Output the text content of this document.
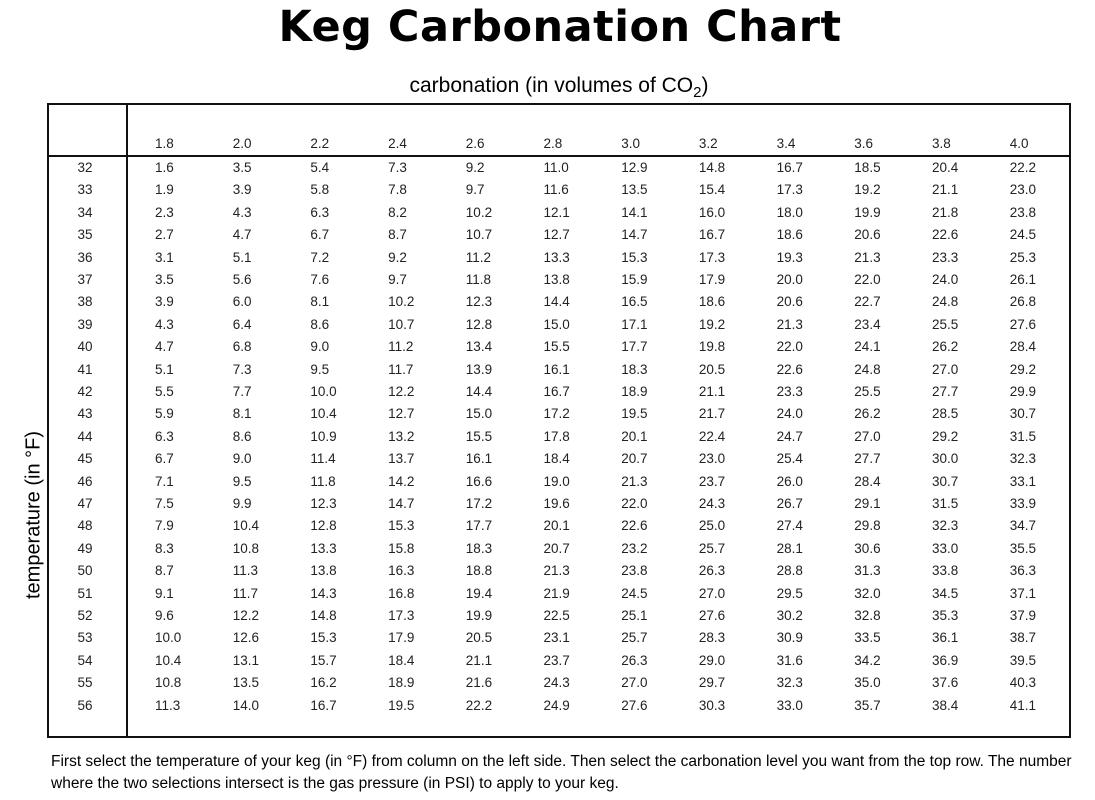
Keg Carbonation Chart
carbonation (in volumes of $CO_2$)
temperature (in °F)
1.8	2.0	2.2	2.4	2.6	2.8	3.0	3.2	3.4	3.6	3.8	4.0
32	1.6	3.5	5.4	7.3	9.2	11.0	12.9	14.8	16.7	18.5	20.4	22.2
33	1.9	3.9	5.8	7.8	9.7	11.6	13.5	15.4	17.3	19.2	21.1	23.0
34	2.3	4.3	6.3	8.2	10.2	12.1	14.1	16.0	18.0	19.9	21.8	23.8
35	2.7	4.7	6.7	8.7	10.7	12.7	14.7	16.7	18.6	20.6	22.6	24.5
36	3.1	5.1	7.2	9.2	11.2	13.3	15.3	17.3	19.3	21.3	23.3	25.3
37	3.5	5.6	7.6	9.7	11.8	13.8	15.9	17.9	20.0	22.0	24.0	26.1
38	3.9	6.0	8.1	10.2	12.3	14.4	16.5	18.6	20.6	22.7	24.8	26.8
39	4.3	6.4	8.6	10.7	12.8	15.0	17.1	19.2	21.3	23.4	25.5	27.6
40	4.7	6.8	9.0	11.2	13.4	15.5	17.7	19.8	22.0	24.1	26.2	28.4
41	5.1	7.3	9.5	11.7	13.9	16.1	18.3	20.5	22.6	24.8	27.0	29.2
42	5.5	7.7	10.0	12.2	14.4	16.7	18.9	21.1	23.3	25.5	27.7	29.9
43	5.9	8.1	10.4	12.7	15.0	17.2	19.5	21.7	24.0	26.2	28.5	30.7
44	6.3	8.6	10.9	13.2	15.5	17.8	20.1	22.4	24.7	27.0	29.2	31.5
45	6.7	9.0	11.4	13.7	16.1	18.4	20.7	23.0	25.4	27.7	30.0	32.3
46	7.1	9.5	11.8	14.2	16.6	19.0	21.3	23.7	26.0	28.4	30.7	33.1
47	7.5	9.9	12.3	14.7	17.2	19.6	22.0	24.3	26.7	29.1	31.5	33.9
48	7.9	10.4	12.8	15.3	17.7	20.1	22.6	25.0	27.4	29.8	32.3	34.7
49	8.3	10.8	13.3	15.8	18.3	20.7	23.2	25.7	28.1	30.6	33.0	35.5
50	8.7	11.3	13.8	16.3	18.8	21.3	23.8	26.3	28.8	31.3	33.8	36.3
51	9.1	11.7	14.3	16.8	19.4	21.9	24.5	27.0	29.5	32.0	34.5	37.1
52	9.6	12.2	14.8	17.3	19.9	22.5	25.1	27.6	30.2	32.8	35.3	37.9
53	10.0	12.6	15.3	17.9	20.5	23.1	25.7	28.3	30.9	33.5	36.1	38.7
54	10.4	13.1	15.7	18.4	21.1	23.7	26.3	29.0	31.6	34.2	36.9	39.5
55	10.8	13.5	16.2	18.9	21.6	24.3	27.0	29.7	32.3	35.0	37.6	40.3
56	11.3	14.0	16.7	19.5	22.2	24.9	27.6	30.3	33.0	35.7	38.4	41.1
First select the temperature of your keg (in °F) from column on the left side. Then select the carbonation level you want from the top row. The number where the two selections intersect is the gas pressure (in PSI) to apply to your keg.
